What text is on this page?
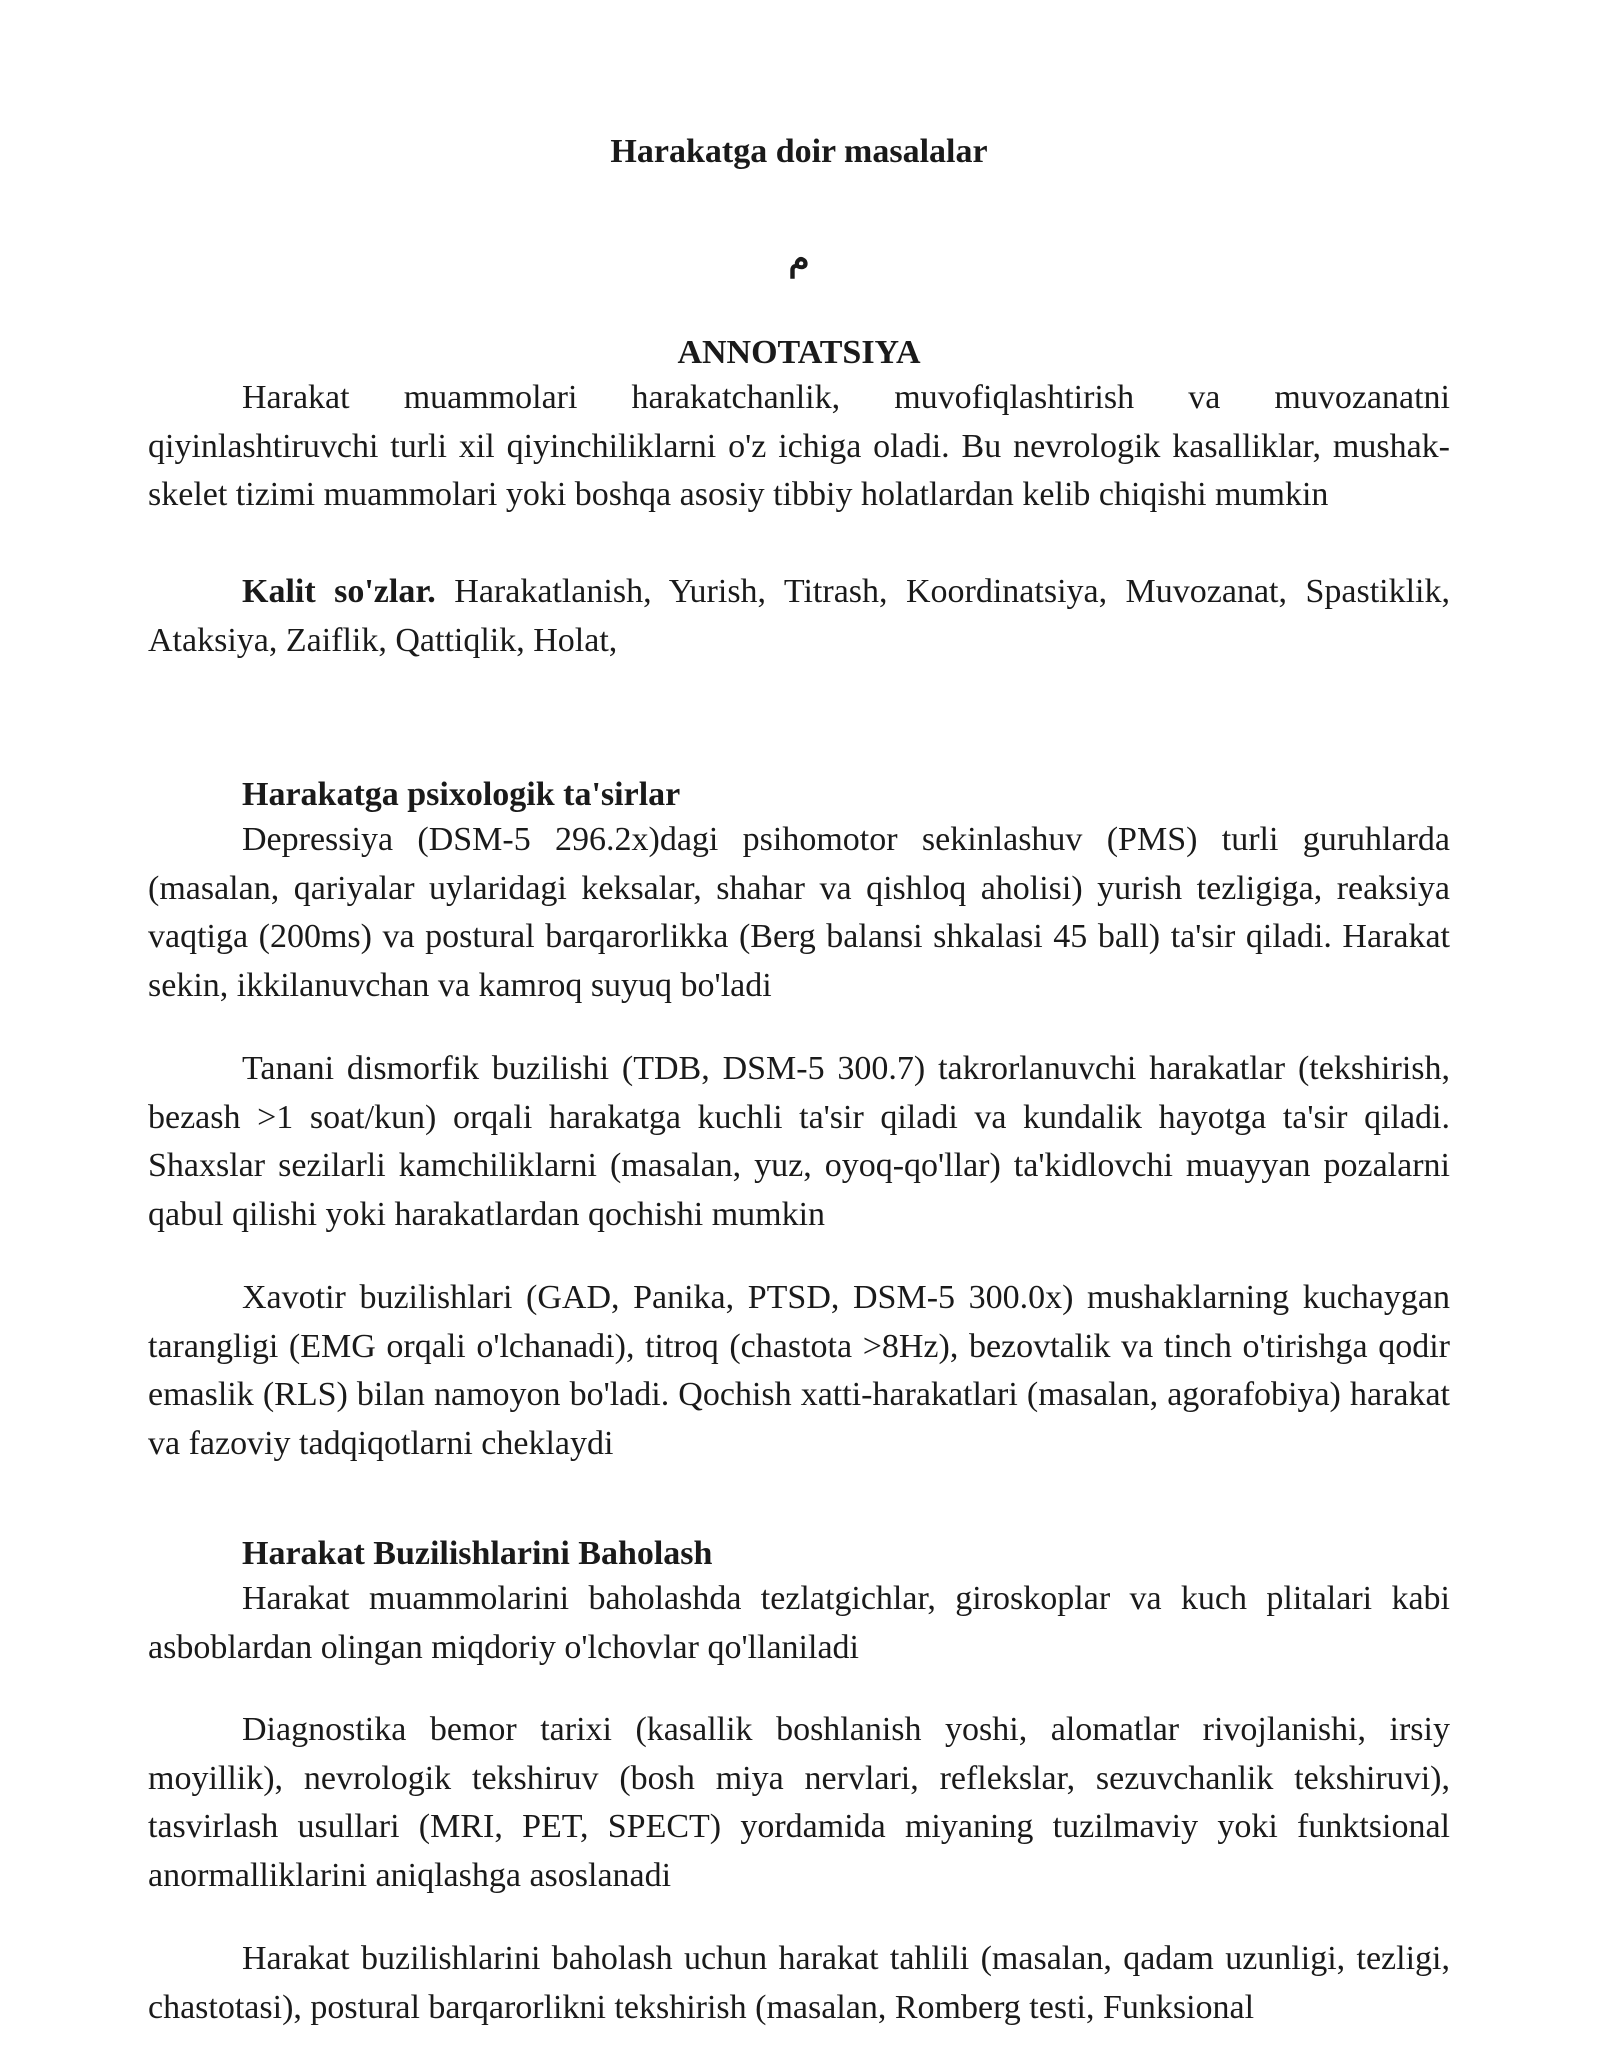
Harakatga doir masalalar
م
ANNOTATSIYA

Harakat muammolari harakatchanlik, muvofiqlashtirish va muvozanatni qiyinlashtiruvchi turli xil qiyinchiliklarni o'z ichiga oladi. Bu nevrologik kasalliklar, mushak-skelet tizimi muammolari yoki boshqa asosiy tibbiy holatlardan kelib chiqishi mumkin

Kalit so'zlar. Harakatlanish, Yurish, Titrash, Koordinatsiya, Muvozanat, Spastiklik, Ataksiya, Zaiflik, Qattiqlik, Holat,

Harakatga psixologik ta'sirlar

Depressiya (DSM-5 296.2x)dagi psihomotor sekinlashuv (PMS) turli guruhlarda (masalan, qariyalar uylaridagi keksalar, shahar va qishloq aholisi) yurish tezligiga, reaksiya vaqtiga (200ms) va postural barqarorlikka (Berg balansi shkalasi 45 ball) ta'sir qiladi. Harakat sekin, ikkilanuvchan va kamroq suyuq bo'ladi

Tanani dismorfik buzilishi (TDB, DSM-5 300.7) takrorlanuvchi harakatlar (tekshirish, bezash >1 soat/kun) orqali harakatga kuchli ta'sir qiladi va kundalik hayotga ta'sir qiladi. Shaxslar sezilarli kamchiliklarni (masalan, yuz, oyoq-qo'llar) ta'kidlovchi muayyan pozalarni qabul qilishi yoki harakatlardan qochishi mumkin

Xavotir buzilishlari (GAD, Panika, PTSD, DSM-5 300.0x) mushaklarning kuchaygan tarangligi (EMG orqali o'lchanadi), titroq (chastota >8Hz), bezovtalik va tinch o'tirishga qodir emaslik (RLS) bilan namoyon bo'ladi. Qochish xatti-harakatlari (masalan, agorafobiya) harakat va fazoviy tadqiqotlarni cheklaydi

Harakat Buzilishlarini Baholash

Harakat muammolarini baholashda tezlatgichlar, giroskoplar va kuch plitalari kabi asboblardan olingan miqdoriy o'lchovlar qo'llaniladi

Diagnostika bemor tarixi (kasallik boshlanish yoshi, alomatlar rivojlanishi, irsiy moyillik), nevrologik tekshiruv (bosh miya nervlari, reflekslar, sezuvchanlik tekshiruvi), tasvirlash usullari (MRI, PET, SPECT) yordamida miyaning tuzilmaviy yoki funktsional anormalliklarini aniqlashga asoslanadi

Harakat buzilishlarini baholash uchun harakat tahlili (masalan, qadam uzunligi, tezligi, chastotasi), postural barqarorlikni tekshirish (masalan, Romberg testi, Funksional
